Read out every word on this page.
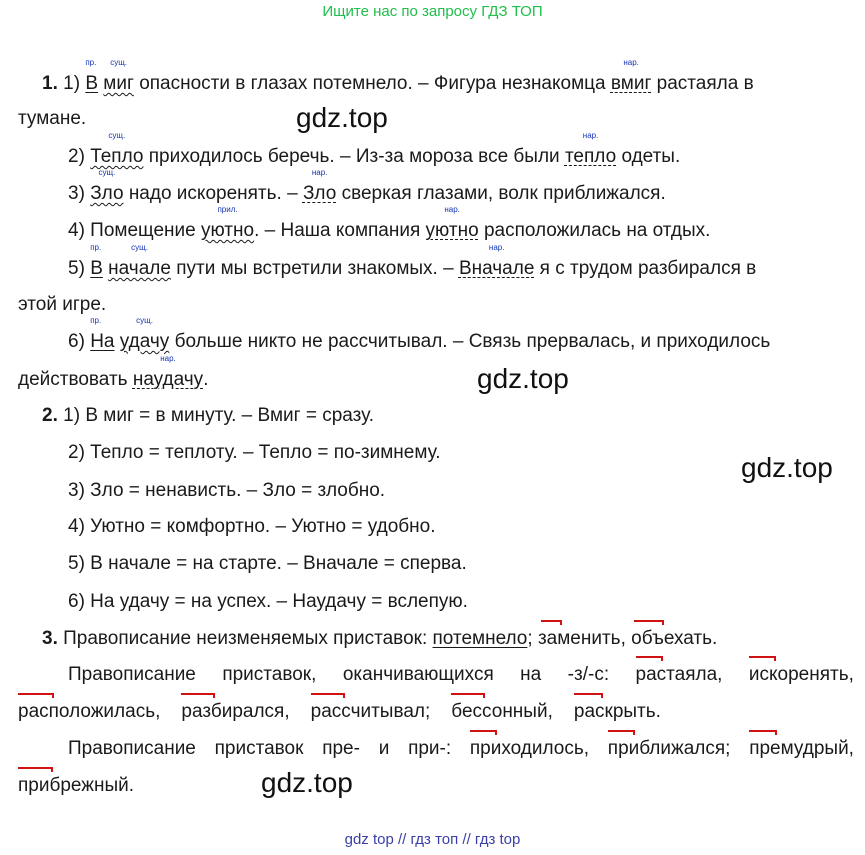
Ищите нас по запросу ГДЗ ТОП
1. 1)
пр.
В
сущ.
миг опасности в глазах потемнело. – Фигура незнакомца
нар.
вмиг растаяла в
тумане.
2)
сущ.
Тепло приходилось беречь. – Из-за мороза все были
нар.
тепло одеты.
3)
сущ.
Зло надо искоренять. –
нар.
Зло сверкая глазами, волк приближался.
4) Помещение
прил.
уютно. – Наша компания
нар.
уютно расположилась на отдых.
5)
пр.
В
сущ.
начале пути мы встретили знакомых. –
нар.
Вначале я с трудом разбирался в
этой игре.
6)
пр.
На
сущ.
удачу больше никто не рассчитывал. – Связь прервалась, и приходилось
действовать
нар.
наудачу.
2. 1) В миг = в минуту. – Вмиг = сразу.
2) Тепло = теплоту. – Тепло = по-зимнему.
3) Зло = ненависть. – Зло = злобно.
4) Уютно = комфортно. – Уютно = удобно.
5) В начале = на старте. – Вначале = сперва.
6) На удачу = на успех. – Наудачу = вслепую.
3. Правописание неизменяемых приставок: потемнело; заменить, объехать.
Правописание приставок, оканчивающихся на -з/-с: растаяла, искоренять,
расположилась, разбирался, рассчитывал; бессонный, раскрыть.
Правописание приставок пре- и при-: приходилось, приближался; премудрый,
прибрежный.
gdz.top
gdz.top
gdz.top
gdz.top
gdz top // гдз топ // гдз top
